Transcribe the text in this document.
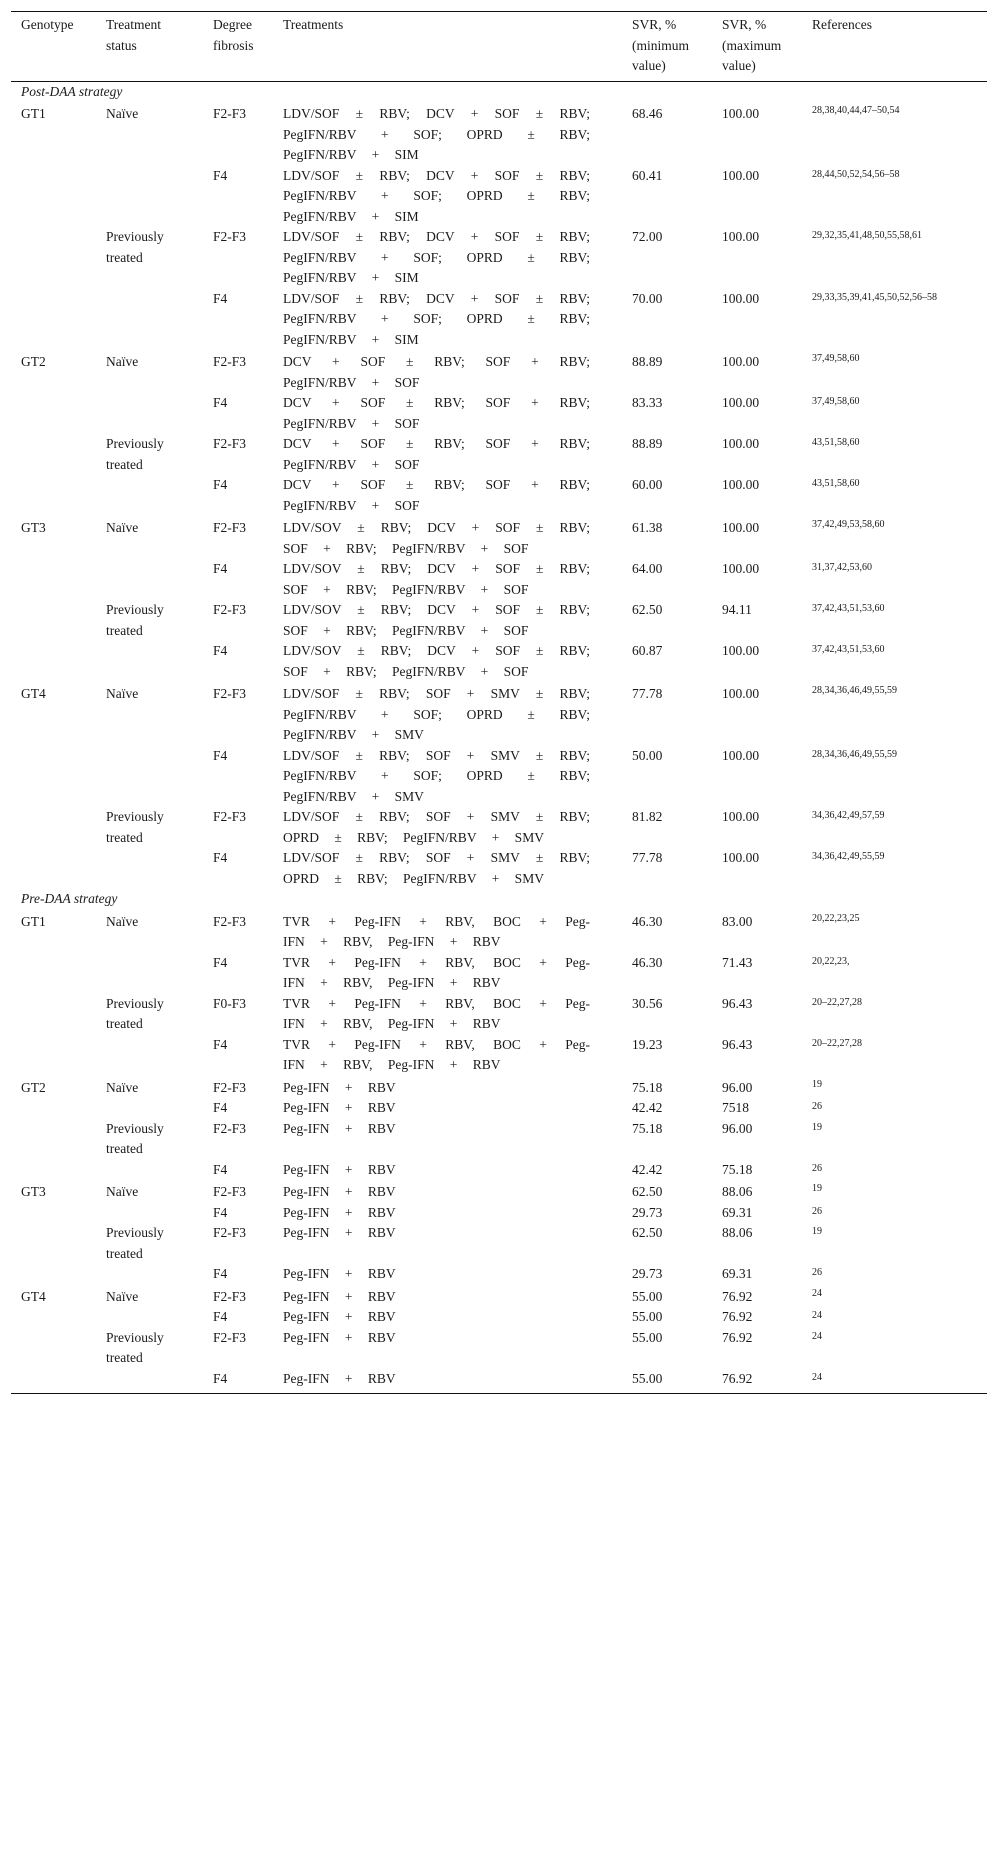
Genotype	Treatment status	Degree fibrosis	Treatments	SVR, % (minimum value)	SVR, % (maximum value)	References
Post-DAA strategy						
GT1	Naïve	F2-F3	LDV/SOF ± RBV; DCV + SOF ± RBV; PegIFN/RBV + SOF; OPRD ± RBV; PegIFN/RBV + SIM	68.46	100.00	28,38,40,44,47–50,54
		F4	LDV/SOF ± RBV; DCV + SOF ± RBV; PegIFN/RBV + SOF; OPRD ± RBV; PegIFN/RBV + SIM	60.41	100.00	28,44,50,52,54,56–58
	Previously treated	F2-F3	LDV/SOF ± RBV; DCV + SOF ± RBV; PegIFN/RBV + SOF; OPRD ± RBV; PegIFN/RBV + SIM	72.00	100.00	29,32,35,41,48,50,55,58,61
		F4	LDV/SOF ± RBV; DCV + SOF ± RBV; PegIFN/RBV + SOF; OPRD ± RBV; PegIFN/RBV + SIM	70.00	100.00	29,33,35,39,41,45,50,52,56–58
GT2	Naïve	F2-F3	DCV + SOF ± RBV; SOF + RBV; PegIFN/RBV + SOF	88.89	100.00	37,49,58,60
		F4	DCV + SOF ± RBV; SOF + RBV; PegIFN/RBV + SOF	83.33	100.00	37,49,58,60
	Previously treated	F2-F3	DCV + SOF ± RBV; SOF + RBV; PegIFN/RBV + SOF	88.89	100.00	43,51,58,60
		F4	DCV + SOF ± RBV; SOF + RBV; PegIFN/RBV + SOF	60.00	100.00	43,51,58,60
GT3	Naïve	F2-F3	LDV/SOV ± RBV; DCV + SOF ± RBV; SOF + RBV; PegIFN/RBV + SOF	61.38	100.00	37,42,49,53,58,60
		F4	LDV/SOV ± RBV; DCV + SOF ± RBV; SOF + RBV; PegIFN/RBV + SOF	64.00	100.00	31,37,42,53,60
	Previously treated	F2-F3	LDV/SOV ± RBV; DCV + SOF ± RBV; SOF + RBV; PegIFN/RBV + SOF	62.50	94.11	37,42,43,51,53,60
		F4	LDV/SOV ± RBV; DCV + SOF ± RBV; SOF + RBV; PegIFN/RBV + SOF	60.87	100.00	37,42,43,51,53,60
GT4	Naïve	F2-F3	LDV/SOF ± RBV; SOF + SMV ± RBV; PegIFN/RBV + SOF; OPRD ± RBV; PegIFN/RBV + SMV	77.78	100.00	28,34,36,46,49,55,59
		F4	LDV/SOF ± RBV; SOF + SMV ± RBV; PegIFN/RBV + SOF; OPRD ± RBV; PegIFN/RBV + SMV	50.00	100.00	28,34,36,46,49,55,59
	Previously treated	F2-F3	LDV/SOF ± RBV; SOF + SMV ± RBV; OPRD ± RBV; PegIFN/RBV + SMV	81.82	100.00	34,36,42,49,57,59
		F4	LDV/SOF ± RBV; SOF + SMV ± RBV; OPRD ± RBV; PegIFN/RBV + SMV	77.78	100.00	34,36,42,49,55,59
Pre-DAA strategy						
GT1	Naïve	F2-F3	TVR + Peg-IFN + RBV, BOC + Peg-IFN + RBV, Peg-IFN + RBV	46.30	83.00	20,22,23,25
		F4	TVR + Peg-IFN + RBV, BOC + Peg-IFN + RBV, Peg-IFN + RBV	46.30	71.43	20,22,23,
	Previously treated	F0-F3	TVR + Peg-IFN + RBV, BOC + Peg-IFN + RBV, Peg-IFN + RBV	30.56	96.43	20–22,27,28
		F4	TVR + Peg-IFN + RBV, BOC + Peg-IFN + RBV, Peg-IFN + RBV	19.23	96.43	20–22,27,28
GT2	Naïve	F2-F3	Peg-IFN + RBV	75.18	96.00	19
		F4	Peg-IFN + RBV	42.42	7518	26
	Previously treated	F2-F3	Peg-IFN + RBV	75.18	96.00	19
		F4	Peg-IFN + RBV	42.42	75.18	26
GT3	Naïve	F2-F3	Peg-IFN + RBV	62.50	88.06	19
		F4	Peg-IFN + RBV	29.73	69.31	26
	Previously treated	F2-F3	Peg-IFN + RBV	62.50	88.06	19
		F4	Peg-IFN + RBV	29.73	69.31	26
GT4	Naïve	F2-F3	Peg-IFN + RBV	55.00	76.92	24
		F4	Peg-IFN + RBV	55.00	76.92	24
	Previously treated	F2-F3	Peg-IFN + RBV	55.00	76.92	24
		F4	Peg-IFN + RBV	55.00	76.92	24
